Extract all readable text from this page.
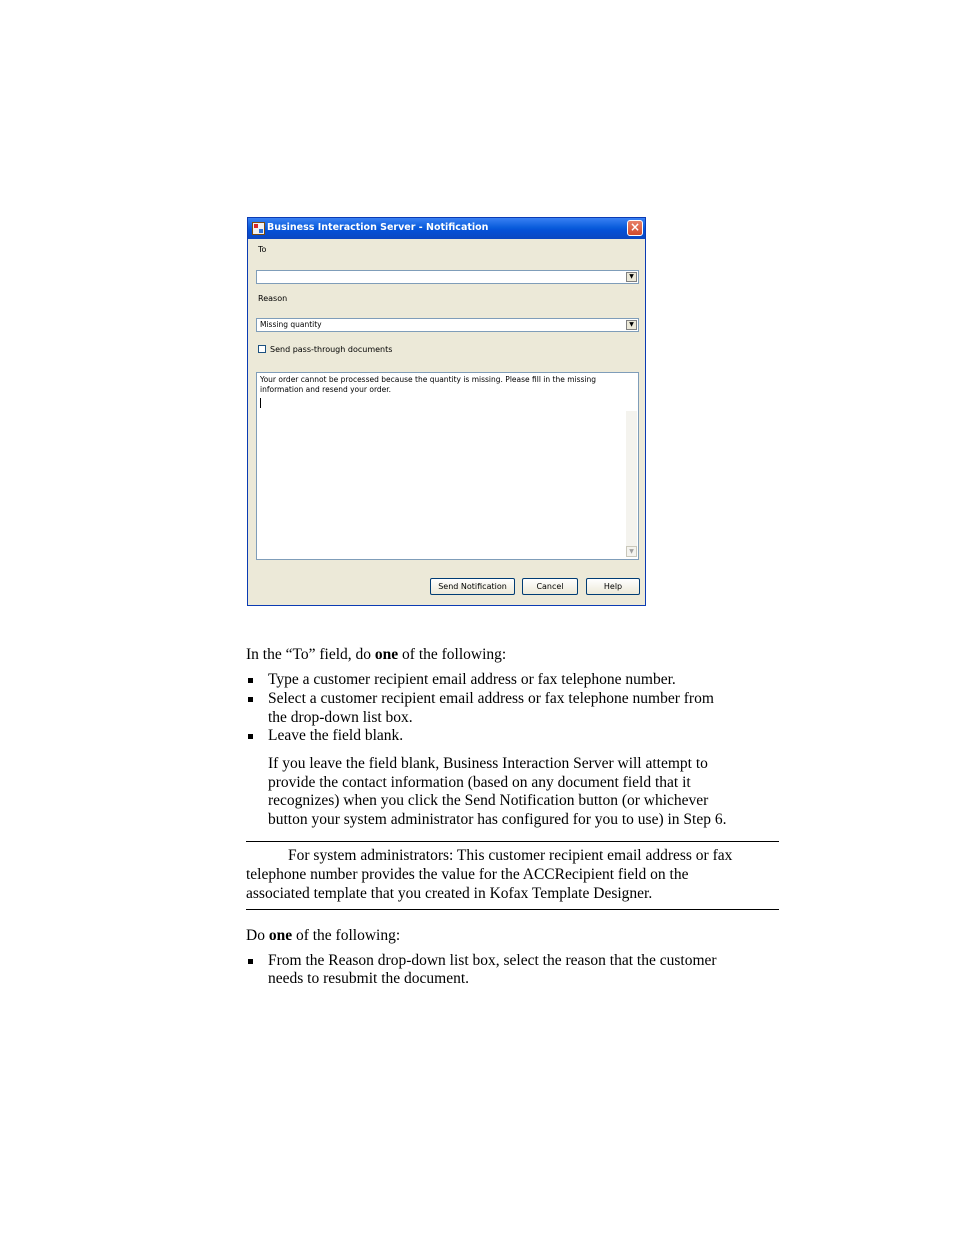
Business Interaction Server - Notification	×
To
▼
Reason
Missing quantity	▼
Send pass-through documents
Your order cannot be processed because the quantity is missing. Please fill in the missing information and resend your order.
▼
Send Notification	Cancel	Help
In the “To” field, do one of the following:
Type a customer recipient email address or fax telephone number.
Select a customer recipient email address or fax telephone number from
the drop-down list box.
Leave the field blank.
If you leave the field blank, Business Interaction Server will attempt to
provide the contact information (based on any document field that it
recognizes) when you click the Send Notification button (or whichever
button your system administrator has configured for you to use) in Step 6.
For system administrators: This customer recipient email address or fax
telephone number provides the value for the ACCRecipient field on the
associated template that you created in Kofax Template Designer.
Do one of the following:
From the Reason drop-down list box, select the reason that the customer
needs to resubmit the document.
